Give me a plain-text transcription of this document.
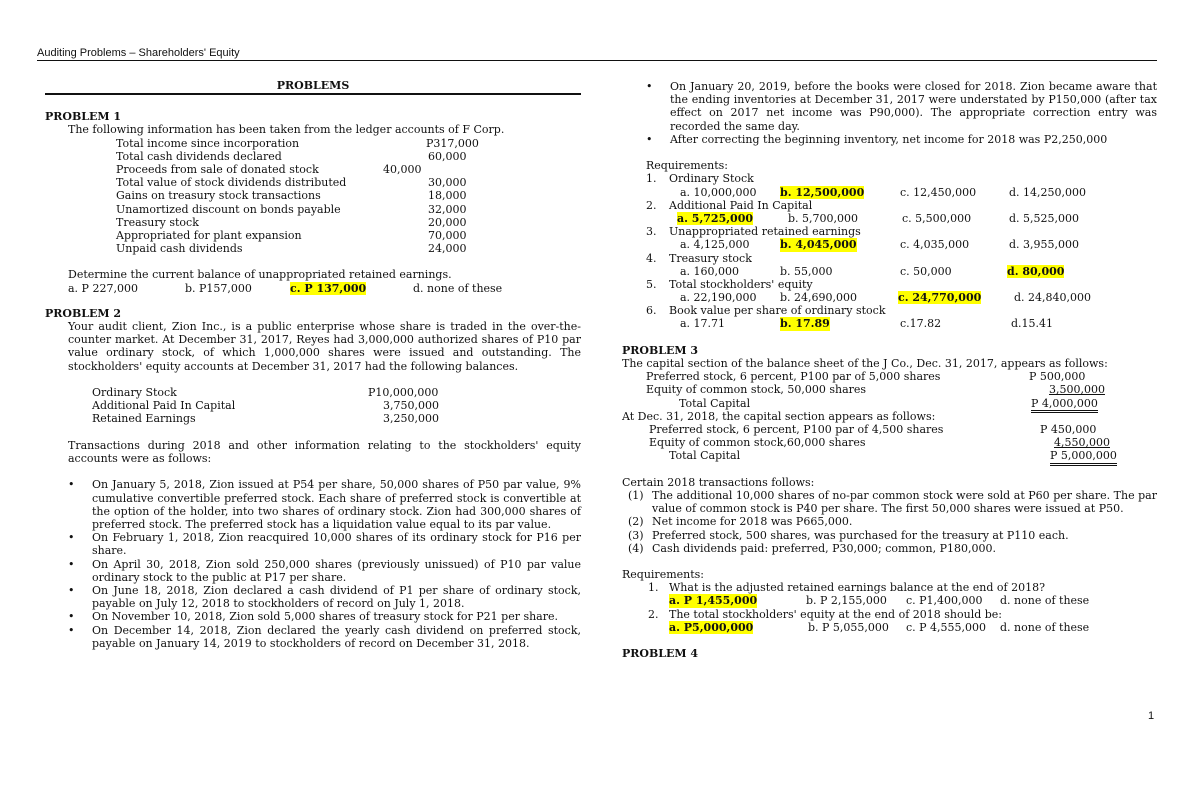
Auditing Problems – Shareholders' Equity
PROBLEMS
PROBLEM 1
The following information has been taken from the ledger accounts of F Corp.
Total income since incorporation	P317,000
Total cash dividends declared	60,000
Proceeds from sale of donated stock	40,000
Total value of stock dividends distributed	30,000
Gains on treasury stock transactions	18,000
Unamortized discount on bonds payable	32,000
Treasury stock	20,000
Appropriated for plant expansion	70,000
Unpaid cash dividends	24,000
Determine the current balance of unappropriated retained earnings.
a. P 227,000	b. P157,000	c. P 137,000	d. none of these
PROBLEM 2
Your audit client, Zion Inc., is a public enterprise whose share is traded in the over-the-counter market. At December 31, 2017, Reyes had 3,000,000 authorized shares of P10 par value ordinary stock, of which 1,000,000 shares were issued and outstanding. The stockholders' equity accounts at December 31, 2017 had the following balances.
Ordinary Stock	P10,000,000
Additional Paid In Capital	3,750,000
Retained Earnings	3,250,000
Transactions during 2018 and other information relating to the stockholders' equity accounts were as follows:
• On January 5, 2018, Zion issued at P54 per share, 50,000 shares of P50 par value, 9% cumulative convertible preferred stock. Each share of preferred stock is convertible at the option of the holder, into two shares of ordinary stock. Zion had 300,000 shares of preferred stock. The preferred stock has a liquidation value equal to its par value.
• On February 1, 2018, Zion reacquired 10,000 shares of its ordinary stock for P16 per share.
• On April 30, 2018, Zion sold 250,000 shares (previously unissued) of P10 par value ordinary stock to the public at P17 per share.
• On June 18, 2018, Zion declared a cash dividend of P1 per share of ordinary stock, payable on July 12, 2018 to stockholders of record on July 1, 2018.
• On November 10, 2018, Zion sold 5,000 shares of treasury stock for P21 per share.
• On December 14, 2018, Zion declared the yearly cash dividend on preferred stock, payable on January 14, 2019 to stockholders of record on December 31, 2018.
• On January 20, 2019, before the books were closed for 2018. Zion became aware that the ending inventories at December 31, 2017 were understated by P150,000 (after tax effect on 2017 net income was P90,000). The appropriate correction entry was recorded the same day.
• After correcting the beginning inventory, net income for 2018 was P2,250,000
Requirements:
1. Ordinary Stock
a. 10,000,000 b. 12,500,000	c. 12,450,000	d. 14,250,000
2. Additional Paid In Capital
a. 5,725,000	b. 5,700,000	c. 5,500,000	d. 5,525,000
3. Unappropriated retained earnings
a. 4,125,000	b. 4,045,000	c. 4,035,000	d. 3,955,000
4. Treasury stock
a. 160,000	b. 55,000	c. 50,000	d. 80,000
5. Total stockholders' equity
a. 22,190,000 b. 24,690,000	c. 24,770,000	d. 24,840,000
6. Book value per share of ordinary stock
a. 17.71	b. 17.89	c.17.82	d.15.41
PROBLEM 3
The capital section of the balance sheet of the J Co., Dec. 31, 2017, appears as follows:
Preferred stock, 6 percent, P100 par of 5,000 shares	P 500,000
Equity of common stock, 50,000 shares	3,500,000
Total Capital	P 4,000,000
At Dec. 31, 2018, the capital section appears as follows:
Preferred stock, 6 percent, P100 par of 4,500 shares	P 450,000
Equity of common stock,60,000 shares	4,550,000
Total Capital	P 5,000,000
Certain 2018 transactions follows:
(1) The additional 10,000 shares of no-par common stock were sold at P60 per share. The par value of common stock is P40 per share. The first 50,000 shares were issued at P50.
(2) Net income for 2018 was P665,000.
(3) Preferred stock, 500 shares, was purchased for the treasury at P110 each.
(4) Cash dividends paid: preferred, P30,000; common, P180,000.
Requirements:
1. What is the adjusted retained earnings balance at the end of 2018?
a. P 1,455,000	b. P 2,155,000 c. P1,400,000 d. none of these
2. The total stockholders' equity at the end of 2018 should be:
a. P5,000,000	b. P 5,055,000 c. P 4,555,000 d. none of these
PROBLEM 4
1
